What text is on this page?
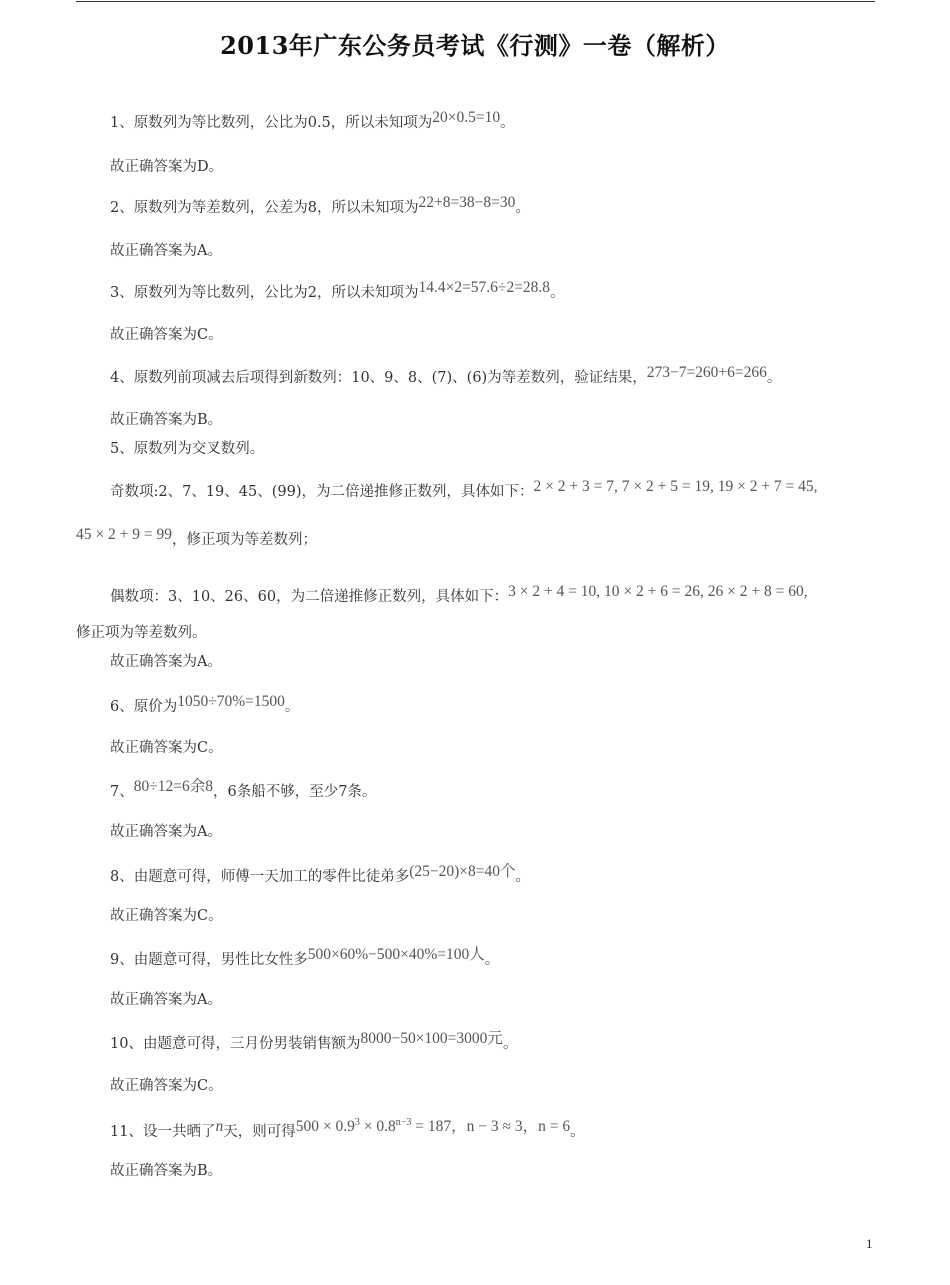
2013年广东公务员考试《行测》一卷（解析）
1、原数列为等比数列，公比为0.5，所以未知项为20×0.5=10。
故正确答案为D。
2、原数列为等差数列，公差为8，所以未知项为22+8=38−8=30。
故正确答案为A。
3、原数列为等比数列，公比为2，所以未知项为14.4×2=57.6÷2=28.8。
故正确答案为C。
4、原数列前项减去后项得到新数列：10、9、8、(7)、(6)为等差数列，验证结果，273−7=260+6=266。
故正确答案为B。
5、原数列为交叉数列。
奇数项:2、7、19、45、(99)，为二倍递推修正数列，具体如下：2 × 2 + 3 = 7, 7 × 2 + 5 = 19, 19 × 2 + 7 = 45,
45 × 2 + 9 = 99，修正项为等差数列；
偶数项：3、10、26、60，为二倍递推修正数列，具体如下：3 × 2 + 4 = 10, 10 × 2 + 6 = 26, 26 × 2 + 8 = 60,
修正项为等差数列。
故正确答案为A。
6、原价为1050÷70%=1500。
故正确答案为C。
7、80÷12=6余8，6条船不够，至少7条。
故正确答案为A。
8、由题意可得，师傅一天加工的零件比徒弟多(25−20)×8=40个。
故正确答案为C。
9、由题意可得，男性比女性多500×60%−500×40%=100人。
故正确答案为A。
10、由题意可得，三月份男装销售额为8000−50×100=3000元。
故正确答案为C。
11、设一共晒了n天，则可得$500 \times 0.9^3 \times 0.8^{n-3} = 187$，n − 3 ≈ 3，n = 6。
故正确答案为B。
1
